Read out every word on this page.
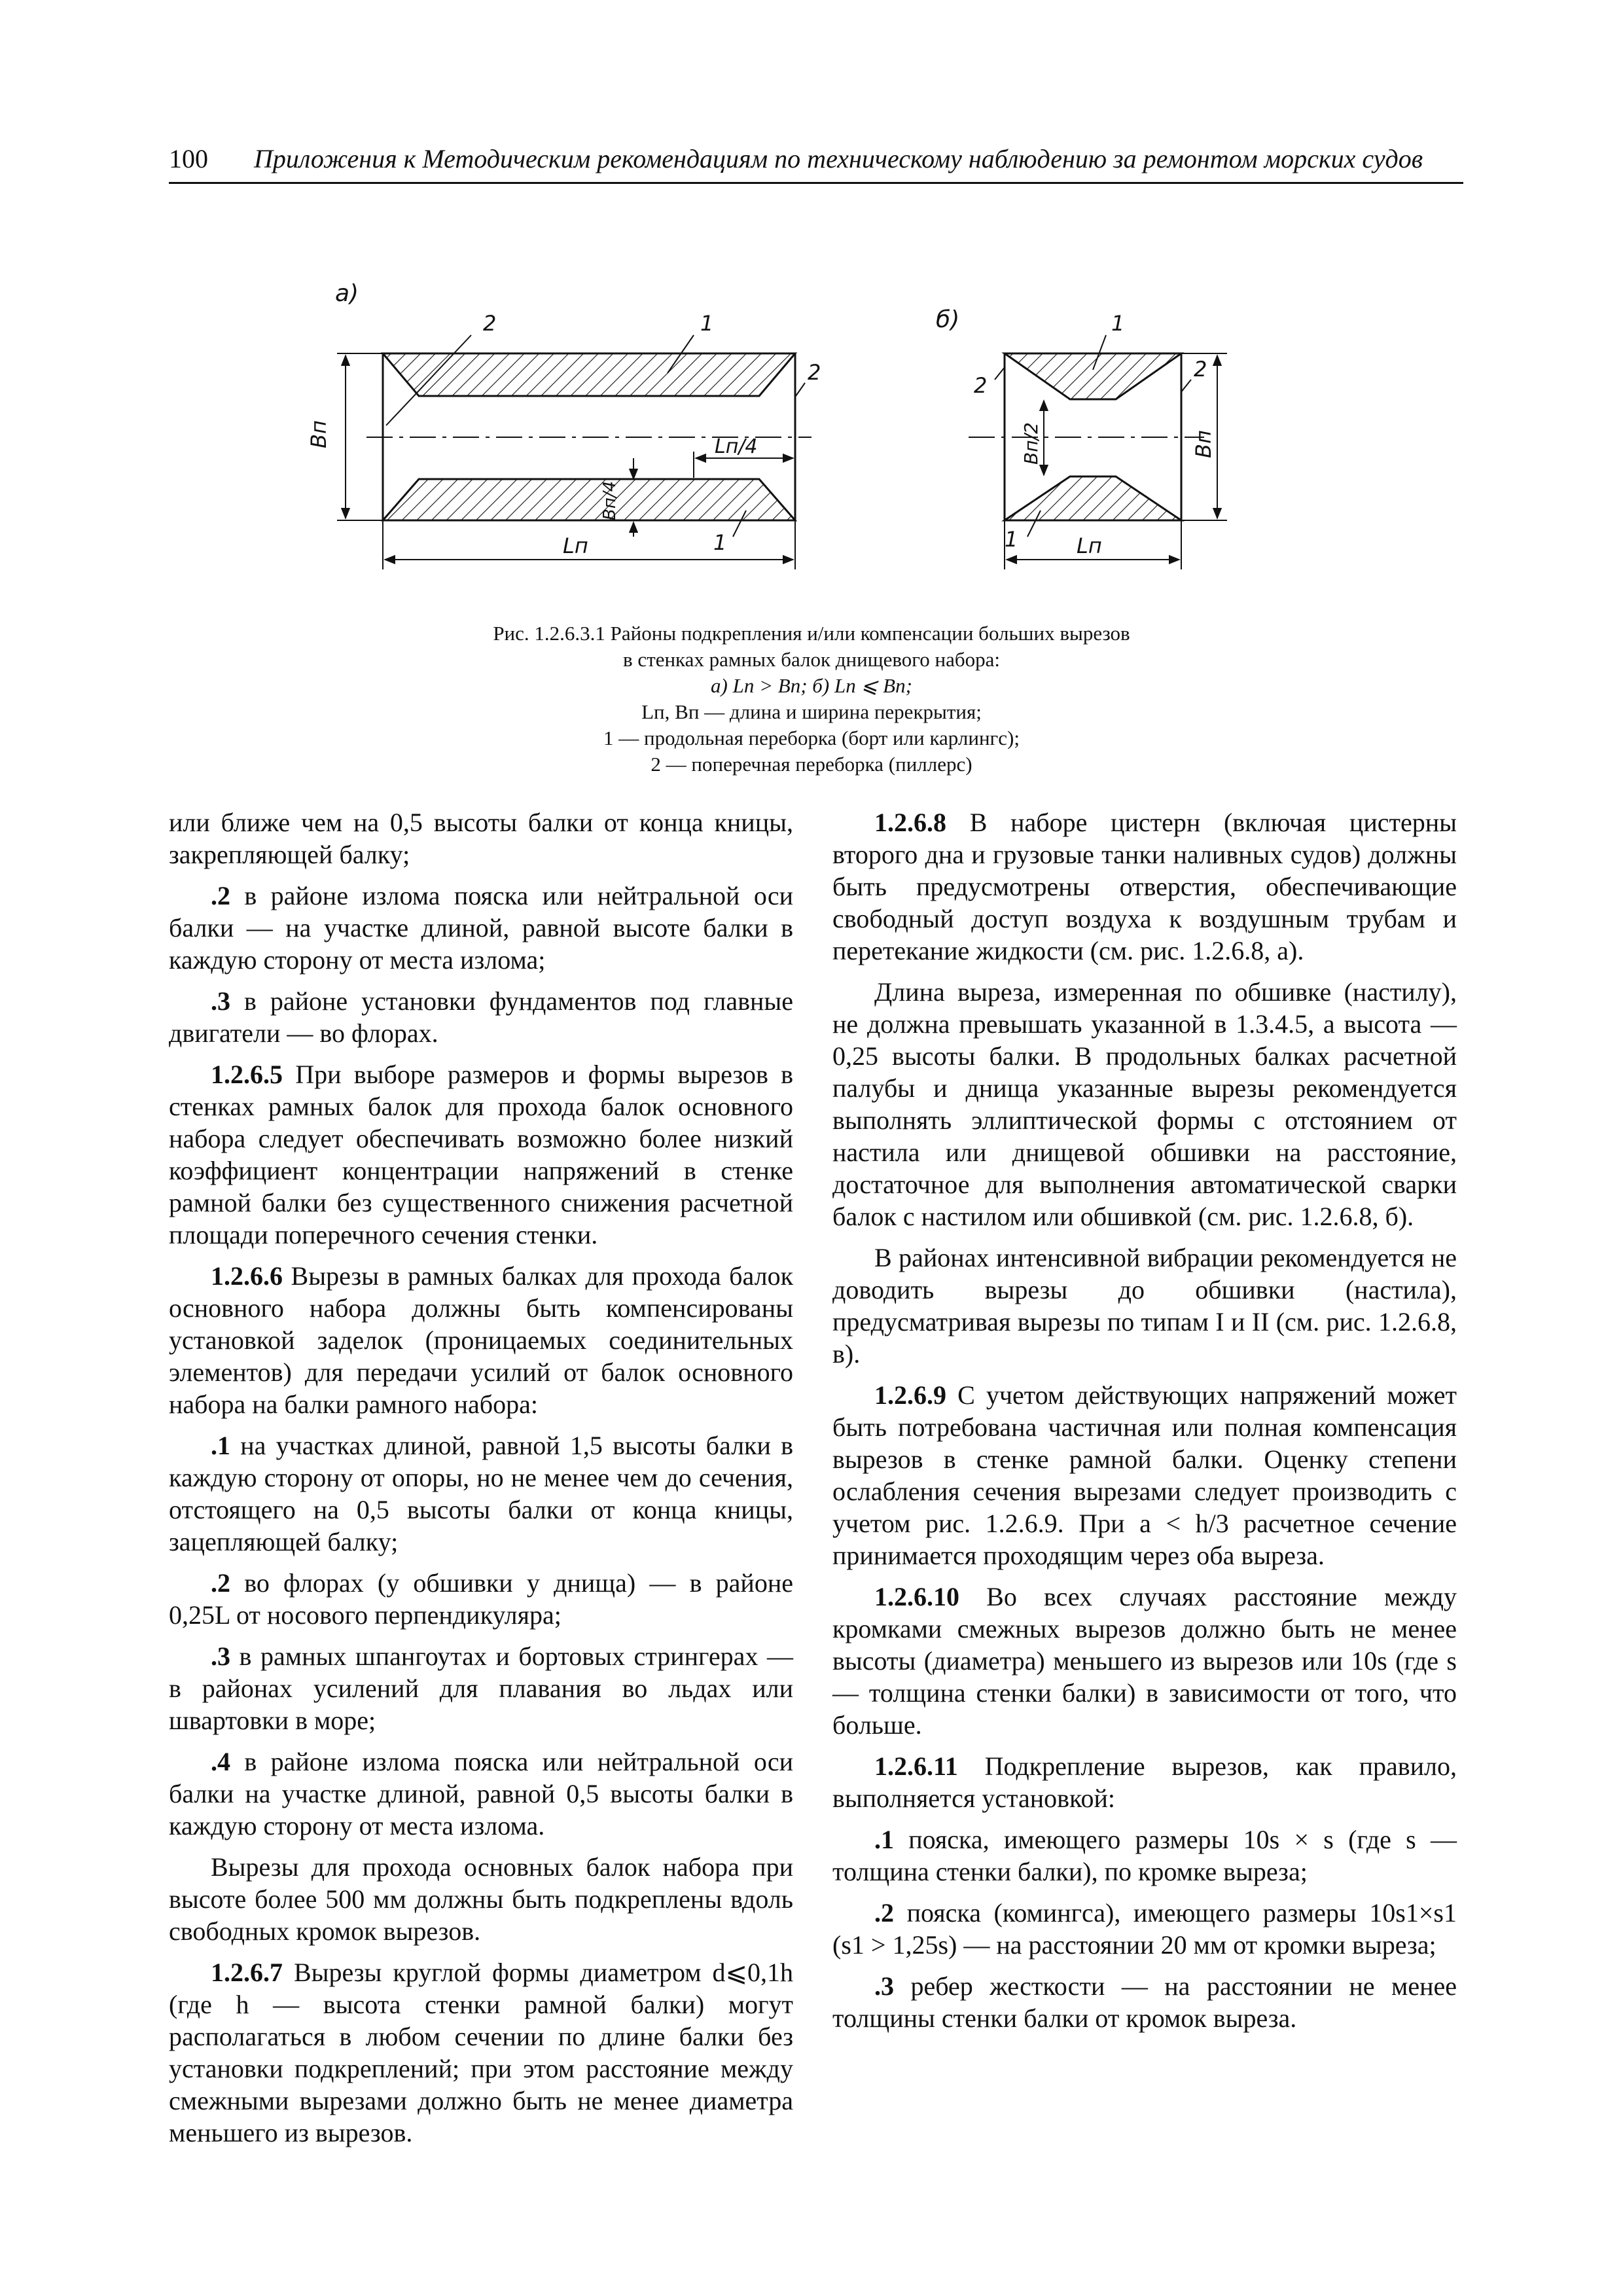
100 Приложения к Методическим рекомендациям по техническому наблюдению за ремонтом морских судов
а)
Bп
Lп
Lп/4
Bп/4
2	1
2
1
б)
Bп/2	Bп
Lп
1
2
2
1
Рис. 1.2.6.3.1 Районы подкрепления и/или компенсации больших вырезов
в стенках рамных балок днищевого набора:
а) Lп > Bп; б) Lп ⩽ Bп;
Lп, Bп — длина и ширина перекрытия;
1 — продольная переборка (борт или карлингс);
2 — поперечная переборка (пиллерс)

или ближе чем на 0,5 высоты балки от конца кницы, закрепляющей балку;

.2 в районе излома пояска или нейтральной оси балки — на участке длиной, равной высоте балки в каждую сторону от места излома;

.3 в районе установки фундаментов под главные двигатели — во флорах.

1.2.6.5 При выборе размеров и формы вырезов в стенках рамных балок для прохода балок основного набора следует обеспечивать возможно более низкий коэффициент концентрации напряжений в стенке рамной балки без существенного снижения расчетной площади поперечного сечения стенки.

1.2.6.6 Вырезы в рамных балках для прохода балок основного набора должны быть компенсированы установкой заделок (проницаемых соединительных элементов) для передачи усилий от балок основного набора на балки рамного набора:

.1 на участках длиной, равной 1,5 высоты балки в каждую сторону от опоры, но не менее чем до сечения, отстоящего на 0,5 высоты балки от конца кницы, зацепляющей балку;

.2 во флорах (у обшивки у днища) — в районе 0,25L от носового перпендикуляра;

.3 в рамных шпангоутах и бортовых стрингерах — в районах усилений для плавания во льдах или швартовки в море;

.4 в районе излома пояска или нейтральной оси балки на участке длиной, равной 0,5 высоты балки в каждую сторону от места излома.

Вырезы для прохода основных балок набора при высоте более 500 мм должны быть подкреплены вдоль свободных кромок вырезов.

1.2.6.7 Вырезы круглой формы диаметром d⩽0,1h (где h — высота стенки рамной балки) могут располагаться в любом сечении по длине балки без установки подкреплений; при этом расстояние между смежными вырезами должно быть не менее диаметра меньшего из вырезов.

1.2.6.8 В наборе цистерн (включая цистерны второго дна и грузовые танки наливных судов) должны быть предусмотрены отверстия, обеспечивающие свободный доступ воздуха к воздушным трубам и перетекание жидкости (см. рис. 1.2.6.8, а).

Длина выреза, измеренная по обшивке (настилу), не должна превышать указанной в 1.3.4.5, а высота — 0,25 высоты балки. В продольных балках расчетной палубы и днища указанные вырезы рекомендуется выполнять эллиптической формы с отстоянием от настила или днищевой обшивки на расстояние, достаточное для выполнения автоматической сварки балок с настилом или обшивкой (см. рис. 1.2.6.8, б).

В районах интенсивной вибрации рекомендуется не доводить вырезы до обшивки (настила), предусматривая вырезы по типам I и II (см. рис. 1.2.6.8, в).

1.2.6.9 С учетом действующих напряжений может быть потребована частичная или полная компенсация вырезов в стенке рамной балки. Оценку степени ослабления сечения вырезами следует производить с учетом рис. 1.2.6.9. При a < h/3 расчетное сечение принимается проходящим через оба выреза.

1.2.6.10 Во всех случаях расстояние между кромками смежных вырезов должно быть не менее высоты (диаметра) меньшего из вырезов или 10s (где s — толщина стенки балки) в зависимости от того, что больше.

1.2.6.11 Подкрепление вырезов, как правило, выполняется установкой:

.1 пояска, имеющего размеры 10s × s (где s — толщина стенки балки), по кромке выреза;

.2 пояска (комингса), имеющего размеры 10s1×s1 (s1 > 1,25s) — на расстоянии 20 мм от кромки выреза;

.3 ребер жесткости — на расстоянии не менее толщины стенки балки от кромок выреза.
